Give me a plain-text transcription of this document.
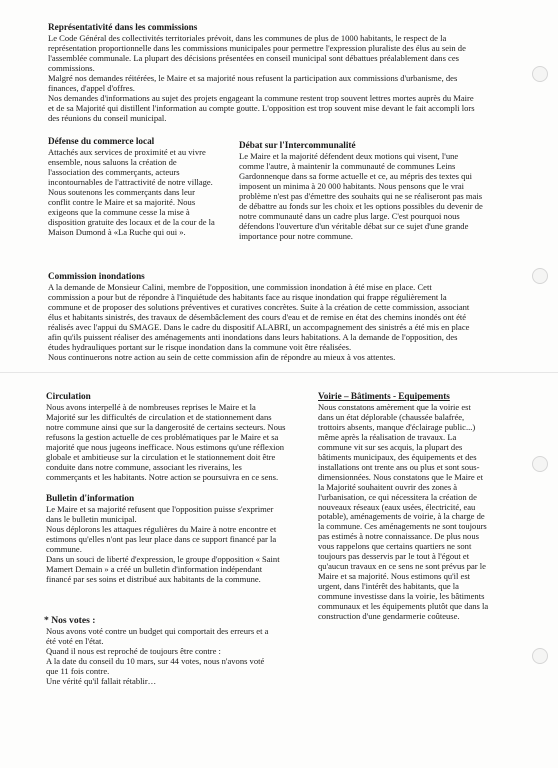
Représentativité dans les commissions

Le Code Général des collectivités territoriales prévoit, dans les communes de plus de 1000 habitants, le respect de la

représentation proportionnelle dans les commissions municipales pour permettre l'expression pluraliste des élus au sein de

l'assemblée communale. La plupart des décisions présentées en conseil municipal sont débattues préalablement dans ces

commissions.

Malgré nos demandes réitérées, le Maire et sa majorité nous refusent la participation aux commissions d'urbanisme, des

finances, d'appel d'offres.

Nos demandes d'informations au sujet des projets engageant la commune restent trop souvent lettres mortes auprès du Maire

et de sa Majorité qui distillent l'information au compte goutte. L'opposition est trop souvent mise devant le fait accompli lors

des réunions du conseil municipal.

Défense du commerce local

Attachés aux services de proximité et au vivre

ensemble, nous saluons la création de

l'association des commerçants, acteurs

incontournables de l'attractivité de notre village.

Nous soutenons les commerçants dans leur

conflit contre le Maire et sa majorité. Nous

exigeons que la commune cesse la mise à

disposition gratuite des locaux et de la cour de la

Maison Dumond à «La Ruche qui oui ».

Débat sur l'Intercommunalité

Le Maire et la majorité défendent deux motions qui visent, l'une

comme l'autre, à maintenir la communauté de communes Leins

Gardonnenque dans sa forme actuelle et ce, au mépris des textes qui

imposent un minima à 20 000 habitants. Nous pensons que le vrai

problème n'est pas d'émettre des souhaits qui ne se réaliseront pas mais

de débattre au fonds sur les choix et les options possibles du devenir de

notre communauté dans un cadre plus large. C'est pourquoi nous

défendons l'ouverture d'un véritable débat sur ce sujet d'une grande

importance pour notre commune.

Commission inondations

A la demande de Monsieur Calini, membre de l'opposition, une commission inondation à été mise en place. Cett

commission a pour but de répondre à l'inquiétude des habitants face au risque inondation qui frappe régulièrement la

commune et de proposer des solutions préventives et curatives concrètes. Suite à la création de cette commission, associant

élus et habitants sinistrés, des travaux de désembâclement des cours d'eau et de remise en état des chemins inondés ont été

réalisés avec l'appui du SMAGE. Dans le cadre du dispositif ALABRI, un accompagnement des sinistrés a été mis en place

afin qu'ils puissent réaliser des aménagements anti inondations dans leurs habitations. A la demande de l'opposition, des

études hydrauliques portant sur le risque inondation dans la commune voit être réalisées.

Nous continuerons notre action au sein de cette commission afin de répondre au mieux à vos attentes.

Circulation

Nous avons interpellé à de nombreuses reprises le Maire et la

Majorité sur les difficultés de circulation et de stationnement dans

notre commune ainsi que sur la dangerosité de certains secteurs. Nous

refusons la gestion actuelle de ces problématiques par le Maire et sa

majorité que nous jugeons inefficace. Nous estimons qu'une réflexion

globale et ambitieuse sur la circulation et le stationnement doit être

conduite dans notre commune, associant les riverains, les

commerçants et les habitants. Notre action se poursuivra en ce sens.

Bulletin d'information

Le Maire et sa majorité refusent que l'opposition puisse s'exprimer

dans le bulletin municipal.

Nous déplorons les attaques régulières du Maire à notre encontre et

estimons qu'elles n'ont pas leur place dans ce support financé par la

commune.

Dans un souci de liberté d'expression, le groupe d'opposition « Saint

Mamert Demain » a créé un bulletin d'information indépendant

financé par ses soins et distribué aux habitants de la commune.

* Nos votes :

Nous avons voté contre un budget qui comportait des erreurs et a

été voté en l'état.

Quand il nous est reproché de toujours être contre :

A la date du conseil du 10 mars, sur 44 votes, nous n'avons voté

que 11 fois contre.

Une vérité qu'il fallait rétablir…

Voirie – Bâtiments - Equipements

Nous constatons amèrement que la voirie est

dans un état déplorable (chaussée balafrée,

trottoirs absents, manque d'éclairage public...)

même après la réalisation de travaux. La

commune vit sur ses acquis, la plupart des

bâtiments municipaux, des équipements et des

installations ont trente ans ou plus et sont sous-

dimensionnées. Nous constatons que le Maire et

la Majorité souhaitent ouvrir des zones à

l'urbanisation, ce qui nécessitera la création de

nouveaux réseaux (eaux usées, électricité, eau

potable), aménagements de voirie, à la charge de

la commune. Ces aménagements ne sont toujours

pas estimés à notre connaissance. De plus nous

vous rappelons que certains quartiers ne sont

toujours pas desservis par le tout à l'égout et

qu'aucun travaux en ce sens ne sont prévus par le

Maire et sa majorité. Nous estimons qu'il est

urgent, dans l'intérêt des habitants, que la

commune investisse dans la voirie, les bâtiments

communaux et les équipements plutôt que dans la

construction d'une gendarmerie coûteuse.
